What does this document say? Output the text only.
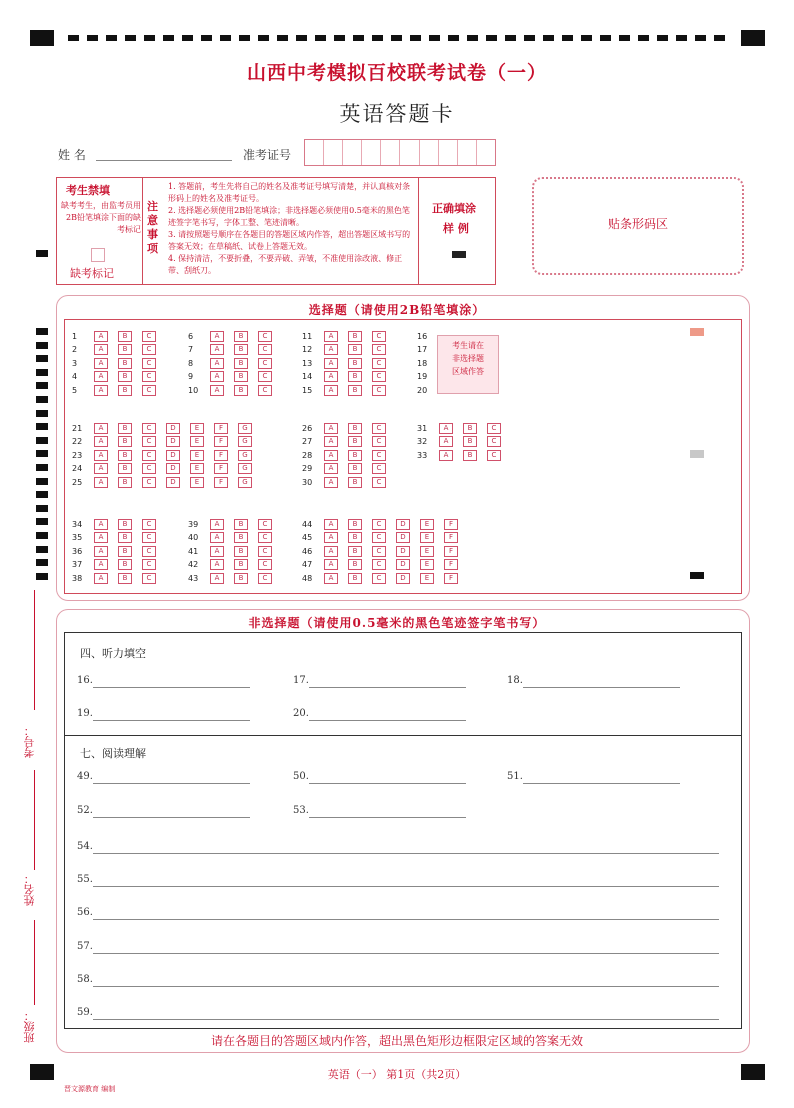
山西中考模拟百校联考试卷（一）
英语答题卡
姓 名	准考证号
考生禁填
缺考考生，由监考员用2B铅笔填涂下面的缺考标记
缺考标记
注意事项
1. 答题前，考生先将自己的姓名及准考证号填写清楚，并认真核对条形码上的姓名及准考证号。
2. 选择题必须使用2B铅笔填涂；非选择题必须使用0.5毫米的黑色笔迹签字笔书写，字体工整、笔迹清晰。
3. 请按照题号顺序在各题目的答题区域内作答，超出答题区域书写的答案无效；在草稿纸、试卷上答题无效。
4. 保持清洁，不要折叠，不要弄破、弄皱，不准使用涂改液、修正带、刮纸刀。
正确填涂
样 例	贴条形码区
选择题（请使用2B铅笔填涂）
1	A	B	C
2	A	B	C
3	A	B	C
4	A	B	C
5	A	B	C
6	A	B	C
7	A	B	C
8	A	B	C
9	A	B	C
10 A	B	C
11 A	B	C
12 A	B	C
13 A	B	C
14 A	B	C
15 A	B	C
16
17
18
19
20
21 A	B	C	D	E	F	G
22 A	B	C	D	E	F	G
23 A	B	C	D	E	F	G
24 A	B	C	D	E	F	G
25 A	B	C	D	E	F	G
26 A	B	C
27 A	B	C
28 A	B	C
29 A	B	C
30 A	B	C
31 A	B	C
32 A	B	C
33 A	B	C
34 A	B	C
35 A	B	C
36 A	B	C
37 A	B	C
38 A	B	C
39 A	B	C
40 A	B	C
41 A	B	C
42 A	B	C
43 A	B	C
44 A	B	C	D	E	F
45 A	B	C	D	E	F
46 A	B	C	D	E	F
47 A	B	C	D	E	F
48 A	B	C	D	E	F
考生请在
非选择题
区域作答
非选择题（请使用0.5毫米的黑色笔迹签字笔书写）
四、听力填空
七、阅读理解
16.	17.	18.
19.	20.
49.	50.	51.
52.	53.
54.
55.
56.
57.
58.
59.
请在各题目的答题区域内作答，超出黑色矩形边框限定区域的答案无效
英语（一） 第1页（共2页）
晋文源教育 编制
考号：
姓名：
班级：
